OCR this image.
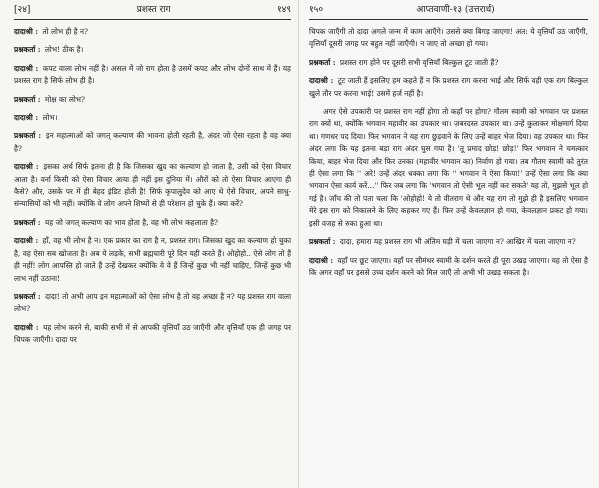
[२४]	प्रशस्त राग	१४९

दादाश्री : तो लोभ ही है न?

प्रश्नकर्ता : लोभ! ठीक है।

दादाश्री : कपट वाला लोभ नहीं है। असल में जो राग होता है उसमें कपट और लोभ दोनों साथ में हैं। यह प्रशस्त राग है सिर्फ लोभ ही है।

प्रश्नकर्ता : मोक्ष का लोभ?

दादाश्री : लोभ।

प्रश्नकर्ता : इन महात्माओं को जगत् कल्याण की भावना होती रहती है, अंदर जो ऐसा रहता है वह क्या है?

दादाश्री : इसका अर्थ सिर्फ इतना ही है कि जिसका खुद का कल्याण हो जाता है, उसी को ऐसा विचार आता है। वर्ना किसी को ऐसा विचार आया ही नहीं इस दुनिया में। औरों को तो ऐसा विचार आएगा ही कैसे? और, उसके पर में ही बेहद इंडिट होती है! सिर्फ कृपालुदेव को आए थे ऐसे विचार, अपने साधु-संन्यासियों को भी नहीं। क्योंकि वे लोग अपने शिष्यों से ही परेशान हो चुके हैं। क्या करें?

प्रश्नकर्ता : यह जो जगत् कल्याण का भाव होता है, वह भी लोभ कहलाता है?

दादाश्री : हाँ, वह भी लोभ है न। एक प्रकार का राग है न, प्रशस्त राग। जिसका खुद का कल्याण हो चुका है, वह ऐसा सब खोजता है। अब ये लड़के, सभी ब्रह्मचारी पूरे दिन यही करते हैं। ओहोहो.. ऐसे लोग तो हैं ही नहीं! लोग आपस्ति हो जाते हैं उन्हें देखकर क्योंकि ये वे हैं जिन्हें कुछ भी नहीं चाहिए, जिन्हें कुछ भी लाभ नहीं उठाना!

प्रश्नकर्ता : दादा! तो अभी आप इन महात्माओं को ऐसा लोभ है तो वह अच्छा है न? यह प्रशस्त राग वाला लोभ?

दादाश्री : यह लोभ करने से, बाकी सभी में से आपकी वृत्तियाँ उठ जाएँगी और वृत्तियाँ एक ही जगह पर चिपक जाएँगी। दादा पर

१५०	आप्तवाणी-१३ (उत्तरार्ध)

चिपक जाएँगी तो दादा अगले जन्म में काम आएँगे। उससे क्या बिगड़ जाएगा! अत: ये वृत्तियाँ उठ जाएँगी, वृत्तियाँ दूसरी जगह पर बहुत नहीं जाएँगी। न जाए तो अच्छा हो गया।

प्रश्नकर्ता : प्रशस्त राग होने पर दूसरी सभी वृत्तियाँ बिल्कुल टूट जाती हैं?

दादाश्री : टूट जाती हैं इसलिए हम कहते हैं न कि प्रशस्त राग करना भाई और सिर्फ वही एक राग बिल्कुल खुले तौर पर करना भाई! उसमें हर्ज नहीं है।

अगर ऐसे उपकारी पर प्रशस्त राग नहीं होगा तो कहाँ पर होगा? गौतम स्वामी को भगवान पर प्रशस्त राग क्यों था, क्योंकि भगवान महावीर का उपकार था। ज़बरदस्त उपकार था। उन्हें कुलाकर मोक्षमार्ग दिया था। गणधर पद दिया। फिर भगवान ने यह राग छुड़वाने के लिए उन्हें बाहर भेज दिया। वह उपकार था। फिर अंदर लगा कि यह इतना बड़ा राग अंदर घुस गया है। 'तू प्रमाद छोड़! छोड़!' फिर भगवान ने चमत्कार किया, बाहर भेज दिया और फिर उनका (महावीर भगवान का) निर्वाण हो गया। तब गौतम स्वामी को तुरंत ही ऐसा लगा कि '' अरे! उन्हें अंदर धक्का लगा कि '' भगवान ने ऐसा किया!' उन्हें ऐसा लगा कि क्या भगवान ऐसा कार्य करें...'' फिर जब लगा कि 'भगवान तो ऐसी भूल नहीं कर सकते' यह तो, मुझसे भूल हो गई है। जाँच की तो पता चला कि 'ओहोहो! ये तो वीतराग थे और यह राग तो मुझे ही है इसलिए भगवान मेरे इस राग को निकालने के लिए कहकर गए हैं। फिर उन्हें केवलज्ञान हो गया, केवलज्ञान प्रकट हो गया। इसी वजह से रुका हुआ था।

प्रश्नकर्ता : दादा, हमारा यह प्रशस्त राग भी अंतिम घड़ी में चला जाएगा न? आखिर में चला जाएगा न?

दादाश्री : वहाँ पर छूट जाएगा। वहाँ पर सीमंधर स्वामी के दर्शन करते ही पूरा उखड़ जाएगा। यह तो ऐसा है कि अगर वहाँ पर इससे उच्च दर्शन करने को मिल जाएँ तो अभी भी उखड़ सकता है।
